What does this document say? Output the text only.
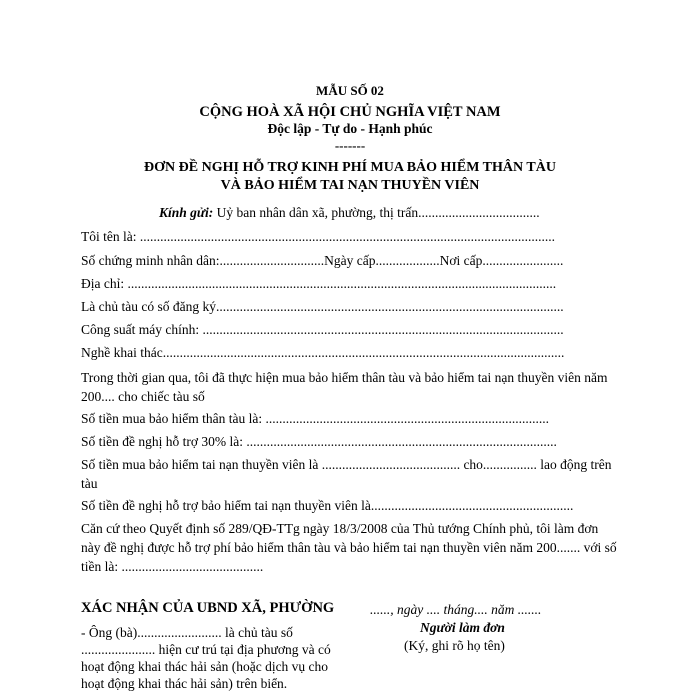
MẪU SỐ 02
CỘNG HOÀ XÃ HỘI CHỦ NGHĨA VIỆT NAM
Độc lập - Tự do - Hạnh phúc
-------
ĐƠN ĐỀ NGHỊ HỖ TRỢ KINH PHÍ MUA BẢO HIỂM THÂN TÀU
VÀ BẢO HIỂM TAI NẠN THUYỀN VIÊN
Kính gửi: Uỷ ban nhân dân xã, phường, thị trấn....................................
Tôi tên là: ...........................................................................................................................
Số chứng minh nhân dân:...............................Ngày cấp...................Nơi cấp........................
Địa chỉ: ...............................................................................................................................
Là chủ tàu có số đăng ký.......................................................................................................
Công suất máy chính: ...........................................................................................................
Nghề khai thác.......................................................................................................................
Trong thời gian qua, tôi đã thực hiện mua bảo hiểm thân tàu và bảo hiểm tai nạn thuyền viên năm 200.... cho chiếc tàu số
Số tiền mua bảo hiểm thân tàu là: ....................................................................................
Số tiền đề nghị hỗ trợ 30% là: ............................................................................................
Số tiền mua bảo hiểm tai nạn thuyền viên là ......................................... cho................ lao động trên tàu
Số tiền đề nghị hỗ trợ bảo hiểm tai nạn thuyền viên là............................................................
Căn cứ theo Quyết định số 289/QĐ-TTg ngày 18/3/2008 của Thủ tướng Chính phủ, tôi làm đơn này đề nghị được hỗ trợ phí bảo hiểm thân tàu và bảo hiểm tai nạn thuyền viên năm 200....... với số tiền là: ..........................................
XÁC NHẬN CỦA UBND XÃ, PHƯỜNG
- Ông (bà)......................... là chủ tàu số ...................... hiện cư trú tại địa phương và có hoạt động khai thác hải sản (hoặc dịch vụ cho hoạt động khai thác hải sản) trên biển.
......, ngày .... tháng.... năm .......
Người làm đơn
(Ký, ghi rõ họ tên)
